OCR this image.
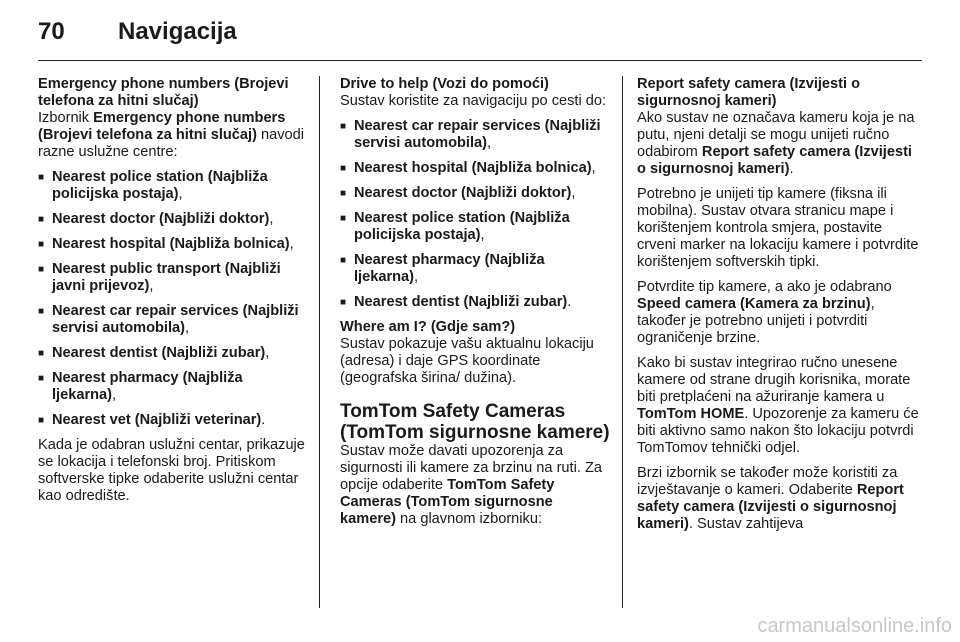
70 Navigacija
Emergency phone numbers (Brojevi telefona za hitni slučaj)

Izbornik Emergency phone numbers (Brojevi telefona za hitni slučaj) navodi razne uslužne centre:

■ Nearest police station (Najbliža policijska postaja),
■ Nearest doctor (Najbliži doktor),
■ Nearest hospital (Najbliža bolnica),
■ Nearest public transport (Najbliži javni prijevoz),
■ Nearest car repair services (Najbliži servisi automobila),
■ Nearest dentist (Najbliži zubar),
■ Nearest pharmacy (Najbliža ljekarna),
■ Nearest vet (Najbliži veterinar).

Kada je odabran uslužni centar, prikazuje se lokacija i telefonski broj. Pritiskom softverske tipke odaberite uslužni centar kao odredište.

Drive to help (Vozi do pomoći)

Sustav koristite za navigaciju po cesti do:

■ Nearest car repair services (Najbliži servisi automobila),
■ Nearest hospital (Najbliža bolnica),
■ Nearest doctor (Najbliži doktor),
■ Nearest police station (Najbliža policijska postaja),
■ Nearest pharmacy (Najbliža ljekarna),
■ Nearest dentist (Najbliži zubar).
Where am I? (Gdje sam?)

Sustav pokazuje vašu aktualnu lokaciju (adresa) i daje GPS koordinate (geografska širina/ dužina).

TomTom Safety Cameras (TomTom sigurnosne kamere)

Sustav može davati upozorenja za sigurnosti ili kamere za brzinu na ruti. Za opcije odaberite TomTom Safety Cameras (TomTom sigurnosne kamere) na glavnom izborniku:

Report safety camera (Izvijesti o sigurnosnoj kameri)

Ako sustav ne označava kameru koja je na putu, njeni detalji se mogu unijeti ručno odabirom Report safety camera (Izvijesti o sigurnosnoj kameri).

Potrebno je unijeti tip kamere (fiksna ili mobilna). Sustav otvara stranicu mape i korištenjem kontrola smjera, postavite crveni marker na lokaciju kamere i potvrdite korištenjem softverskih tipki.

Potvrdite tip kamere, a ako je odabrano Speed camera (Kamera za brzinu), također je potrebno unijeti i potvrditi ograničenje brzine.

Kako bi sustav integrirao ručno unesene kamere od strane drugih korisnika, morate biti pretplaćeni na ažuriranje kamera u TomTom HOME. Upozorenje za kameru će biti aktivno samo nakon što lokaciju potvrdi TomTomov tehnički odjel.

Brzi izbornik se također može koristiti za izvještavanje o kameri. Odaberite Report safety camera (Izvijesti o sigurnosnoj kameri). Sustav zahtijeva

carmanualsonline.info
